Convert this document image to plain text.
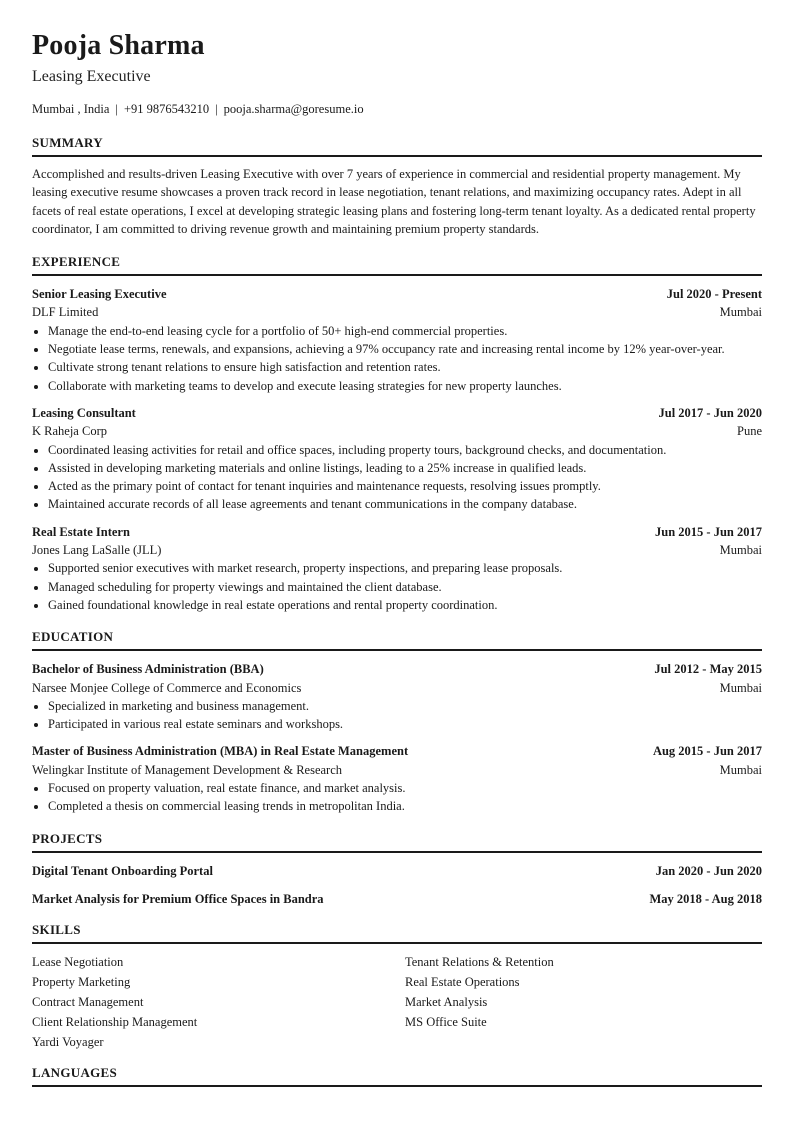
Pooja Sharma
Leasing Executive
Mumbai , India | +91 9876543210 | pooja.sharma@goresume.io
SUMMARY
Accomplished and results-driven Leasing Executive with over 7 years of experience in commercial and residential property management. My leasing executive resume showcases a proven track record in lease negotiation, tenant relations, and maximizing occupancy rates. Adept in all facets of real estate operations, I excel at developing strategic leasing plans and fostering long-term tenant loyalty. As a dedicated rental property coordinator, I am committed to driving revenue growth and maintaining premium property standards.
EXPERIENCE
Senior Leasing Executive	Jul 2020 - Present
DLF Limited	Mumbai
• Manage the end-to-end leasing cycle for a portfolio of 50+ high-end commercial properties.
• Negotiate lease terms, renewals, and expansions, achieving a 97% occupancy rate and increasing rental income by 12% year-over-year.
• Cultivate strong tenant relations to ensure high satisfaction and retention rates.
• Collaborate with marketing teams to develop and execute leasing strategies for new property launches.
Leasing Consultant	Jul 2017 - Jun 2020
K Raheja Corp	Pune
• Coordinated leasing activities for retail and office spaces, including property tours, background checks, and documentation.
• Assisted in developing marketing materials and online listings, leading to a 25% increase in qualified leads.
• Acted as the primary point of contact for tenant inquiries and maintenance requests, resolving issues promptly.
• Maintained accurate records of all lease agreements and tenant communications in the company database.
Real Estate Intern	Jun 2015 - Jun 2017
Jones Lang LaSalle (JLL)	Mumbai
• Supported senior executives with market research, property inspections, and preparing lease proposals.
• Managed scheduling for property viewings and maintained the client database.
• Gained foundational knowledge in real estate operations and rental property coordination.
EDUCATION
Bachelor of Business Administration (BBA)	Jul 2012 - May 2015
Narsee Monjee College of Commerce and Economics	Mumbai
• Specialized in marketing and business management.
• Participated in various real estate seminars and workshops.
Master of Business Administration (MBA) in Real Estate Management	Aug 2015 - Jun 2017
Welingkar Institute of Management Development & Research	Mumbai
• Focused on property valuation, real estate finance, and market analysis.
• Completed a thesis on commercial leasing trends in metropolitan India.
PROJECTS
Digital Tenant Onboarding Portal	Jan 2020 - Jun 2020
Market Analysis for Premium Office Spaces in Bandra	May 2018 - Aug 2018
SKILLS
Lease Negotiation	Tenant Relations & Retention
Property Marketing	Real Estate Operations
Contract Management	Market Analysis
Client Relationship Management	MS Office Suite
Yardi Voyager
LANGUAGES
